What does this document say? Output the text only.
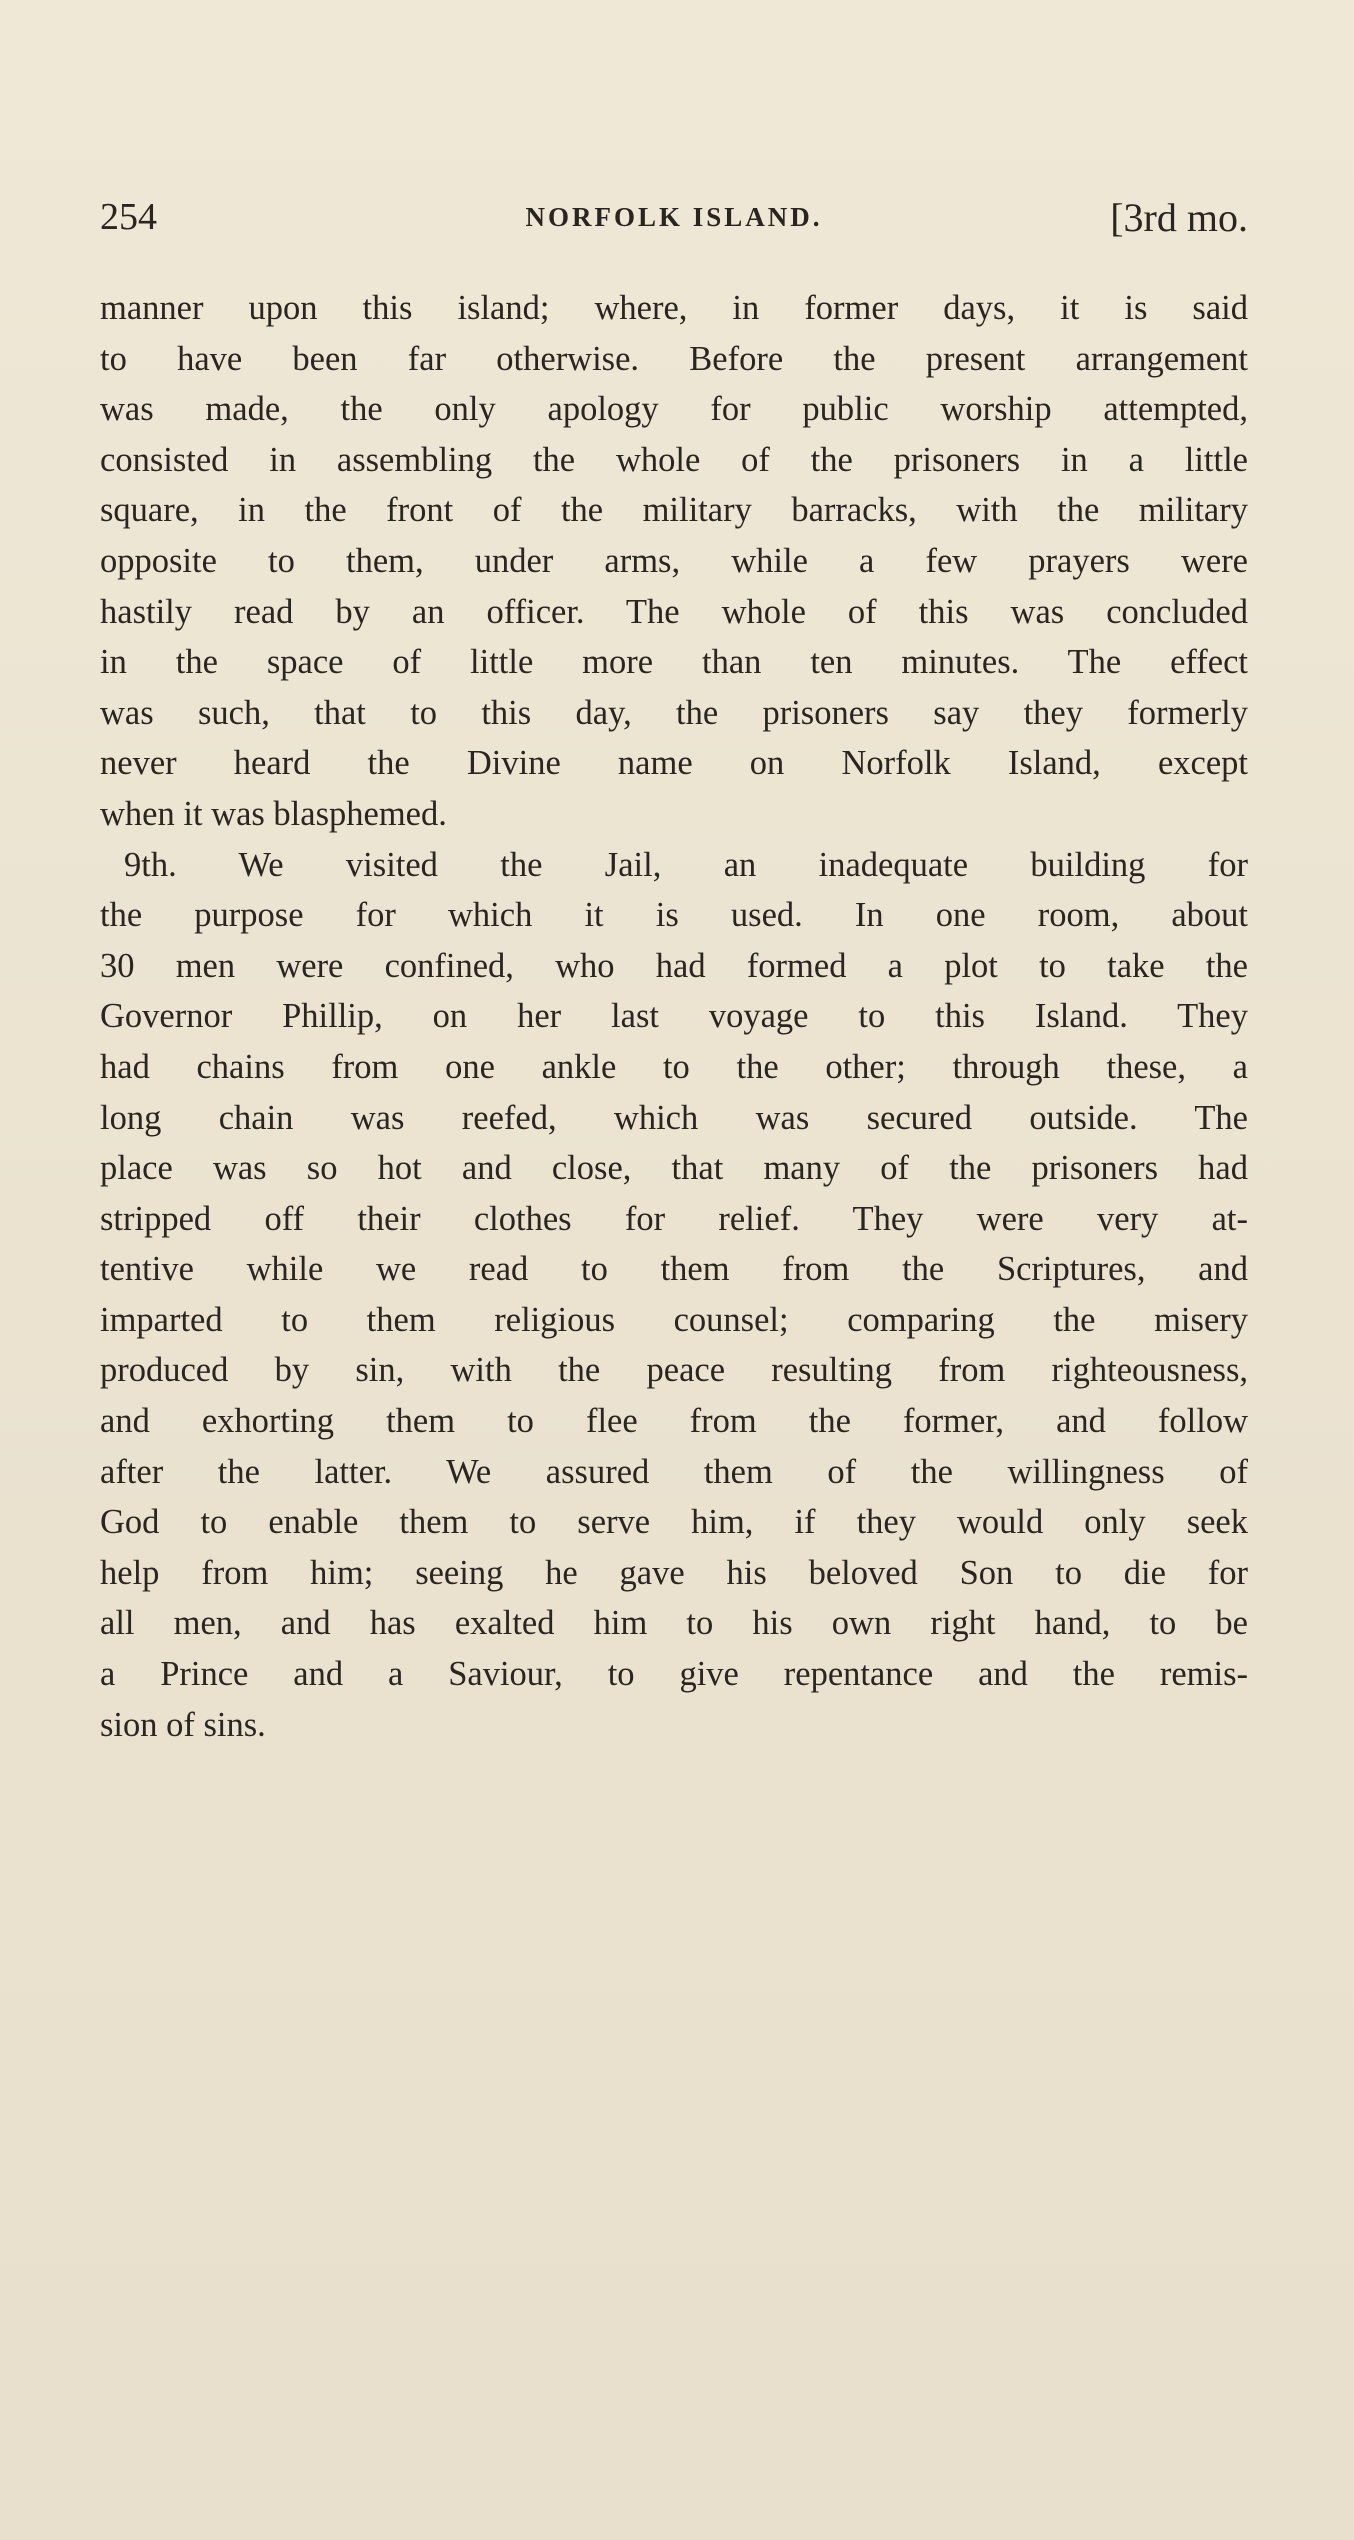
254	NORFOLK ISLAND.	[3rd mo.
manner upon this island; where, in former days, it is said
to have been far otherwise. Before the present arrangement
was made, the only apology for public worship attempted,
consisted in assembling the whole of the prisoners in a little
square, in the front of the military barracks, with the military
opposite to them, under arms, while a few prayers were
hastily read by an officer. The whole of this was concluded
in the space of little more than ten minutes. The effect
was such, that to this day, the prisoners say they formerly
never heard the Divine name on Norfolk Island, except
when it was blasphemed.
9th. We visited the Jail, an inadequate building for
the purpose for which it is used. In one room, about
30 men were confined, who had formed a plot to take the
Governor Phillip, on her last voyage to this Island. They
had chains from one ankle to the other; through these, a
long chain was reefed, which was secured outside. The
place was so hot and close, that many of the prisoners had
stripped off their clothes for relief. They were very at-
tentive while we read to them from the Scriptures, and
imparted to them religious counsel; comparing the misery
produced by sin, with the peace resulting from righteousness,
and exhorting them to flee from the former, and follow
after the latter. We assured them of the willingness of
God to enable them to serve him, if they would only seek
help from him; seeing he gave his beloved Son to die for
all men, and has exalted him to his own right hand, to be
a Prince and a Saviour, to give repentance and the remis-
sion of sins.
